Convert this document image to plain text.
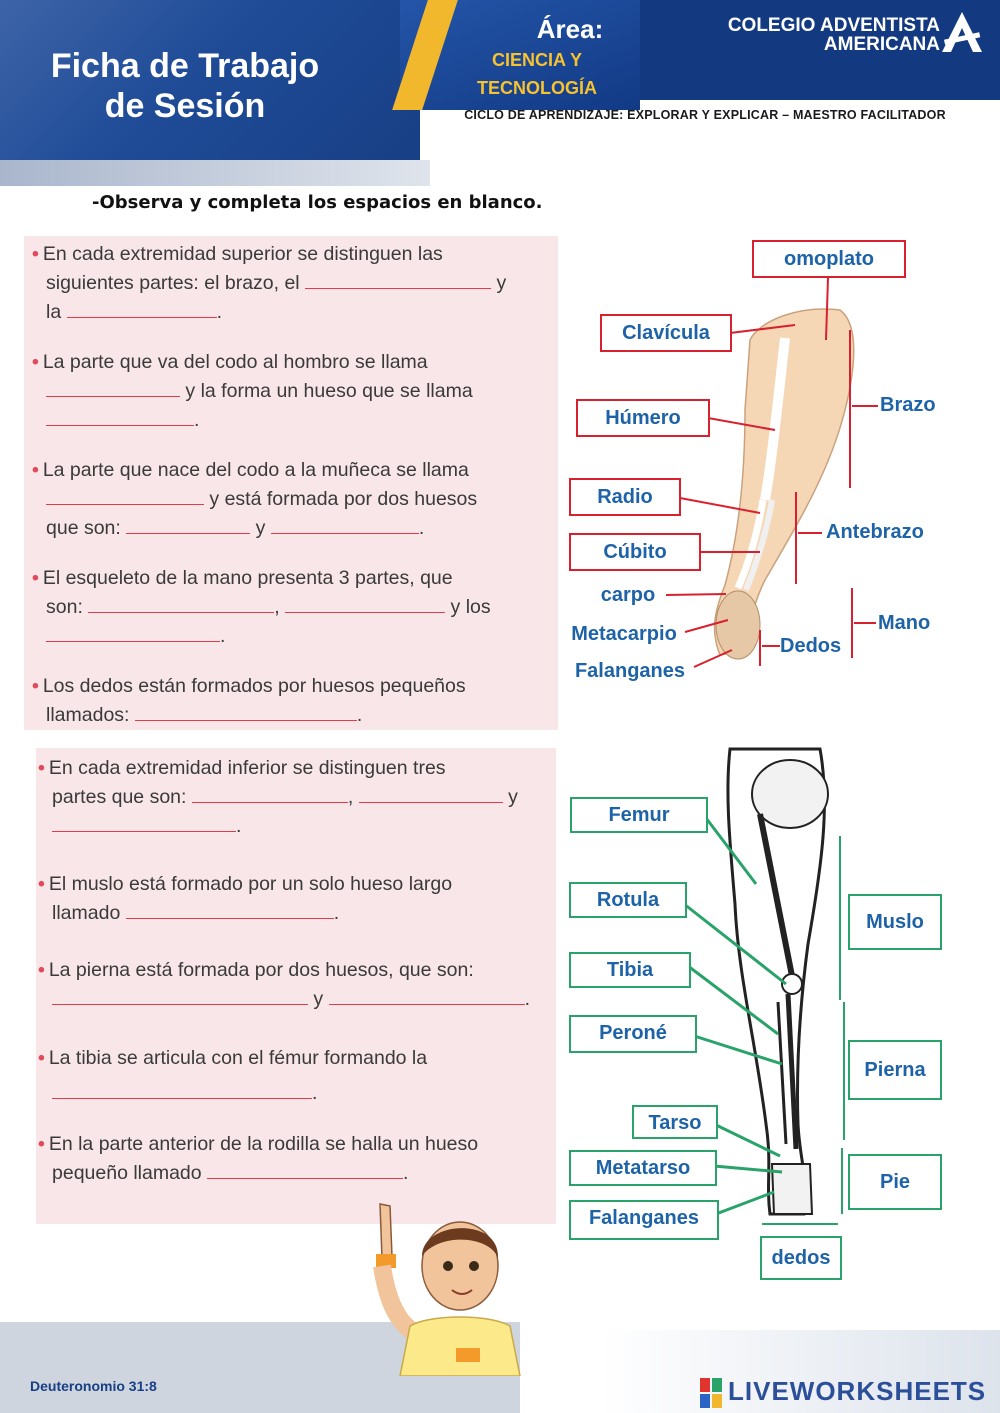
Ficha de Trabajo
de Sesión
Área:
CIENCIA Y
TECNOLOGÍA
COLEGIO ADVENTISTA
AMERICANA
CICLO DE APRENDIZAJE: EXPLORAR Y EXPLICAR – MAESTRO FACILITADOR
-Observa y completa los espacios en blanco.
• En cada extremidad superior se distinguen las
siguientes partes: el brazo, el	y
la	.
• La parte que va del codo al hombro se llama
y la forma un hueso que se llama
.
• La parte que nace del codo a la muñeca se llama
y está formada por dos huesos
que son:	y	.
• El esqueleto de la mano presenta 3 partes, que
son:	,	y los
.
• Los dedos están formados por huesos pequeños
llamados:	.
• En cada extremidad inferior se distinguen tres
partes que son:	,	y
.
• El muslo está formado por un solo hueso largo
llamado	.
• La pierna está formada por dos huesos, que son:
y	.
• La tibia se articula con el fémur formando la
.
• En la parte anterior de la rodilla se halla un hueso
pequeño llamado	.
omoplato
Clavícula
Húmero
Radio
Cúbito
carpo
Metacarpio
Falanganes
Brazo
Antebrazo
Mano
Dedos
Femur
Rotula
Tibia
Peroné
Tarso
Metatarso
Falanganes
Muslo
Pierna
Pie
dedos
Deuteronomio 31:8	LIVEWORKSHEETS
